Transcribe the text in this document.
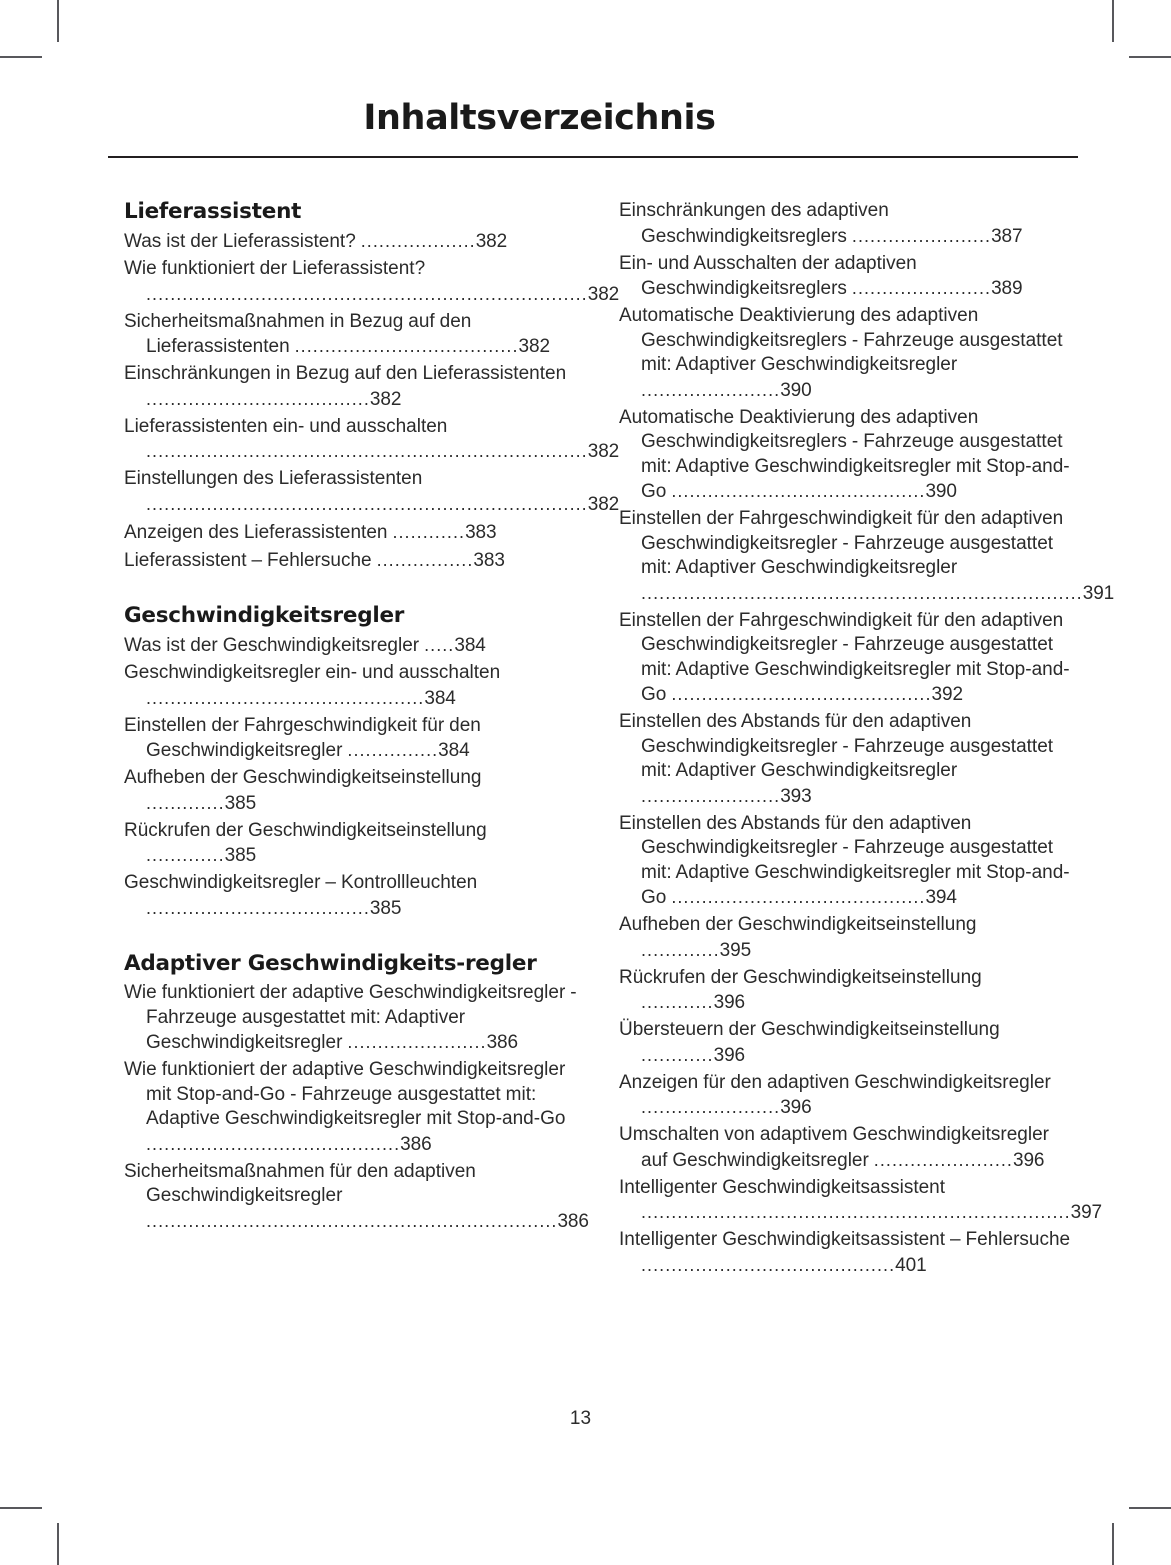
Inhaltsverzeichnis
Lieferassistent
Was ist der Lieferassistent? ...................382
Wie funktioniert der Lieferassistent? .........................................................................382
Sicherheitsmaßnahmen in Bezug auf den Lieferassistenten .....................................382
Einschränkungen in Bezug auf den Lieferassistenten .....................................382
Lieferassistenten ein- und ausschalten .........................................................................382
Einstellungen des Lieferassistenten .........................................................................382
Anzeigen des Lieferassistenten ............383
Lieferassistent – Fehlersuche ................383
Geschwindigkeitsregler
Was ist der Geschwindigkeitsregler .....384
Geschwindigkeitsregler ein- und ausschalten ..............................................384
Einstellen der Fahrgeschwindigkeit für den Geschwindigkeitsregler ...............384
Aufheben der Geschwindigkeitseinstellung .............385
Rückrufen der Geschwindigkeitseinstellung .............385
Geschwindigkeitsregler – Kontrollleuchten .....................................385
Adaptiver Geschwindigkeits-regler
Wie funktioniert der adaptive Geschwindigkeitsregler - Fahrzeuge ausgestattet mit: Adaptiver Geschwindigkeitsregler .......................386
Wie funktioniert der adaptive Geschwindigkeitsregler mit Stop-and-Go - Fahrzeuge ausgestattet mit: Adaptive Geschwindigkeitsregler mit Stop-and-Go ..........................................386
Sicherheitsmaßnahmen für den adaptiven Geschwindigkeitsregler ....................................................................386
Einschränkungen des adaptiven Geschwindigkeitsreglers .......................387
Ein- und Ausschalten der adaptiven Geschwindigkeitsreglers .......................389
Automatische Deaktivierung des adaptiven Geschwindigkeitsreglers - Fahrzeuge ausgestattet mit: Adaptiver Geschwindigkeitsregler .......................390
Automatische Deaktivierung des adaptiven Geschwindigkeitsreglers - Fahrzeuge ausgestattet mit: Adaptive Geschwindigkeitsregler mit Stop-and-Go ..........................................390
Einstellen der Fahrgeschwindigkeit für den adaptiven Geschwindigkeitsregler - Fahrzeuge ausgestattet mit: Adaptiver Geschwindigkeitsregler .........................................................................391
Einstellen der Fahrgeschwindigkeit für den adaptiven Geschwindigkeitsregler - Fahrzeuge ausgestattet mit: Adaptive Geschwindigkeitsregler mit Stop-and-Go ...........................................392
Einstellen des Abstands für den adaptiven Geschwindigkeitsregler - Fahrzeuge ausgestattet mit: Adaptiver Geschwindigkeitsregler .......................393
Einstellen des Abstands für den adaptiven Geschwindigkeitsregler - Fahrzeuge ausgestattet mit: Adaptive Geschwindigkeitsregler mit Stop-and-Go ..........................................394
Aufheben der Geschwindigkeitseinstellung .............395
Rückrufen der Geschwindigkeitseinstellung ............396
Übersteuern der Geschwindigkeitseinstellung ............396
Anzeigen für den adaptiven Geschwindigkeitsregler .......................396
Umschalten von adaptivem Geschwindigkeitsregler auf Geschwindigkeitsregler .......................396
Intelligenter Geschwindigkeitsassistent .......................................................................397
Intelligenter Geschwindigkeitsassistent – Fehlersuche ..........................................401
13
